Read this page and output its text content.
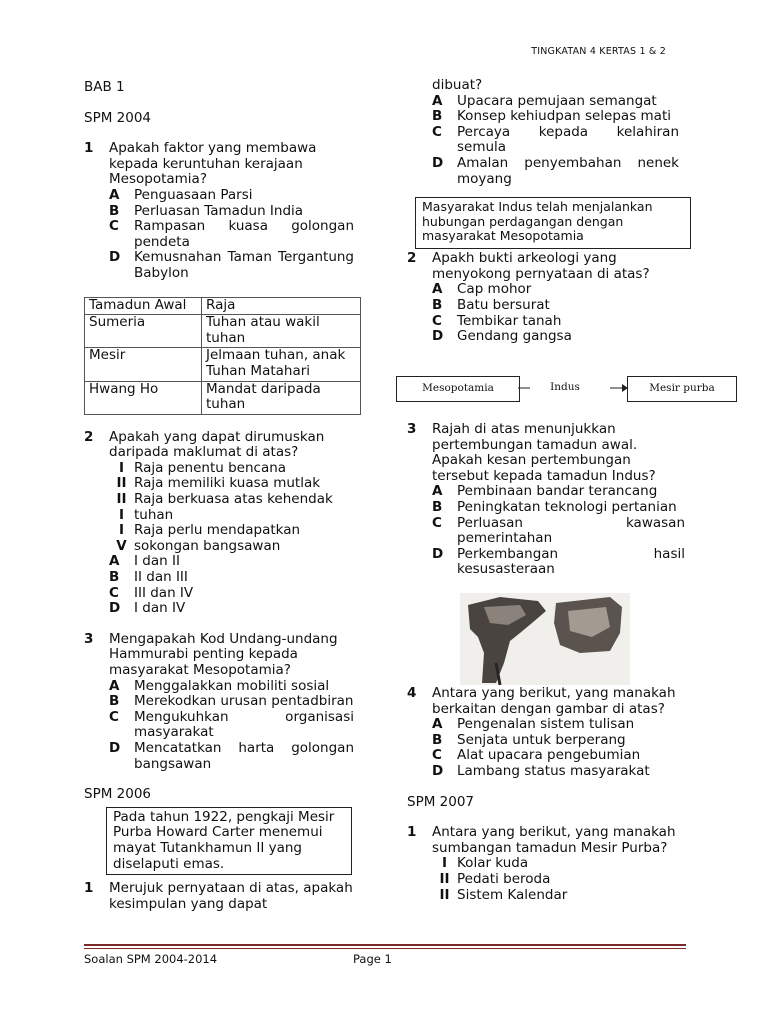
TINGKATAN 4 KERTAS 1 & 2
BAB 1
SPM 2004
1	Apakah faktor yang membawa kepada keruntuhan kerajaan Mesopotamia?
A	Penguasaan Parsi
B	Perluasan Tamadun India
C	Rampasan kuasa golongan pendeta
D	Kemusnahan Taman Tergantung Babylon
Tamadun Awal	Raja
Sumeria	Tuhan atau wakil tuhan
Mesir	Jelmaan tuhan, anak Tuhan Matahari
Hwang Ho	Mandat daripada tuhan
2	Apakah yang dapat dirumuskan daripada maklumat di atas?
I Raja penentu bencana
II Raja memiliki kuasa mutlak
II Raja berkuasa atas kehendak
I tuhan
I Raja perlu mendapatkan
V sokongan bangsawan
A	I dan II
B	II dan III
C	III dan IV
D	I dan IV
3	Mengapakah Kod Undang-undang Hammurabi penting kepada masyarakat Mesopotamia?
A	Menggalakkan mobiliti sosial
B	Merekodkan urusan pentadbiran
C	Mengukuhkan organisasi masyarakat
D	Mencatatkan harta golongan bangsawan
SPM 2006
Pada tahun 1922, pengkaji Mesir Purba Howard Carter menemui mayat Tutankhamun II yang diselaputi emas.
1	Merujuk pernyataan di atas, apakah kesimpulan yang dapat
dibuat?
A	Upacara pemujaan semangat
B	Konsep kehiudpan selepas mati
C	Percaya kepada kelahiran semula
D	Amalan penyembahan nenek moyang
Masyarakat Indus telah menjalankan hubungan perdagangan dengan masyarakat Mesopotamia
2	Apakh bukti arkeologi yang menyokong pernyataan di atas?
A	Cap mohor
B	Batu bersurat
C	Tembikar tanah
D	Gendang gangsa
Mesopotamia	Indus	Mesir purba
3	Rajah di atas menunjukkan pertembungan tamadun awal. Apakah kesan pertembungan tersebut kepada tamadun Indus?
A	Pembinaan bandar terancang
B	Peningkatan teknologi pertanian
C	Perluasan kawasan pemerintahan
D	Perkembangan hasil kesusasteraan
4	Antara yang berikut, yang manakah berkaitan dengan gambar di atas?
A	Pengenalan sistem tulisan
B	Senjata untuk berperang
C	Alat upacara pengebumian
D	Lambang status masyarakat
SPM 2007
1	Antara yang berikut, yang manakah sumbangan tamadun Mesir Purba?
I Kolar kuda
II Pedati beroda
II Sistem Kalendar
Soalan SPM 2004-2014	Page 1
